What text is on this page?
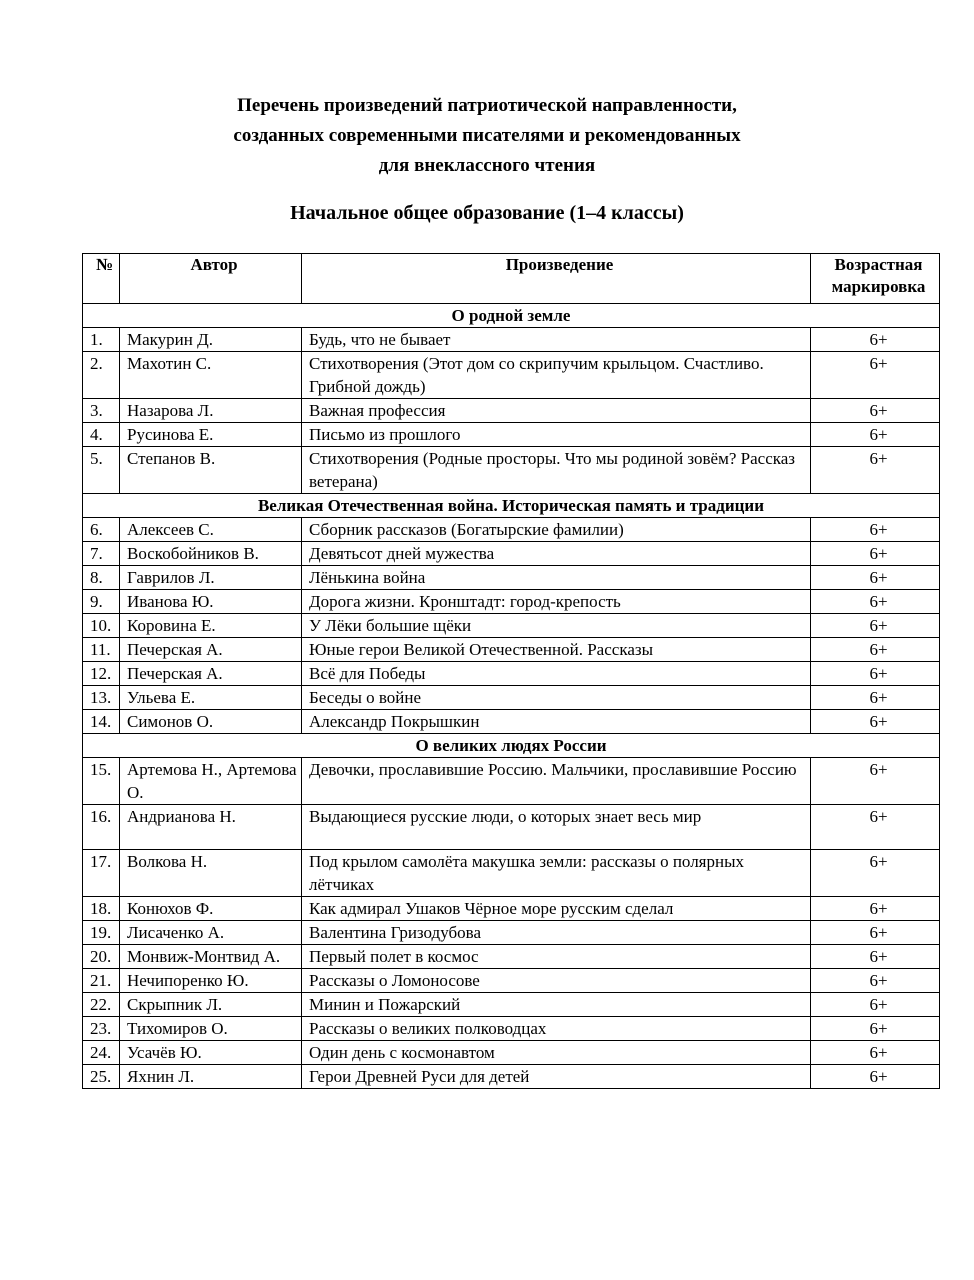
Перечень произведений патриотической направленности,
созданных современными писателями и рекомендованных
для внеклассного чтения
Начальное общее образование (1–4 классы)
№	Автор	Произведение	Возрастная маркировка
О родной земле			
1.	Макурин Д.	Будь, что не бывает	6+
2.	Махотин С.	Стихотворения (Этот дом со скрипучим крыльцом. Счастливо. Грибной дождь)	6+
3.	Назарова Л.	Важная профессия	6+
4.	Русинова Е.	Письмо из прошлого	6+
5.	Степанов В.	Стихотворения (Родные просторы. Что мы родиной зовём? Рассказ ветерана)	6+
Великая Отечественная война. Историческая память и традиции			
6.	Алексеев С.	Сборник рассказов (Богатырские фамилии)	6+
7.	Воскобойников В.	Девятьсот дней мужества	6+
8.	Гаврилов Л.	Лёнькина война	6+
9.	Иванова Ю.	Дорога жизни. Кронштадт: город-крепость	6+
10.	Коровина Е.	У Лёки большие щёки	6+
11.	Печерская А.	Юные герои Великой Отечественной. Рассказы	6+
12.	Печерская А.	Всё для Победы	6+
13.	Ульева Е.	Беседы о войне	6+
14.	Симонов О.	Александр Покрышкин	6+
О великих людях России			
15.	Артемова Н., Артемова О.	Девочки, прославившие Россию. Мальчики, прославившие Россию	6+
16.	Андрианова Н.	Выдающиеся русские люди, о которых знает весь мир	6+
17.	Волкова Н.	Под крылом самолёта макушка земли: рассказы о полярных лётчиках	6+
18.	Конюхов Ф.	Как адмирал Ушаков Чёрное море русским сделал	6+
19.	Лисаченко А.	Валентина Гризодубова	6+
20.	Монвиж-Монтвид А.	Первый полет в космос	6+
21.	Нечипоренко Ю.	Рассказы о Ломоносове	6+
22.	Скрыпник Л.	Минин и Пожарский	6+
23.	Тихомиров О.	Рассказы о великих полководцах	6+
24.	Усачёв Ю.	Один день с космонавтом	6+
25.	Яхнин Л.	Герои Древней Руси для детей	6+
